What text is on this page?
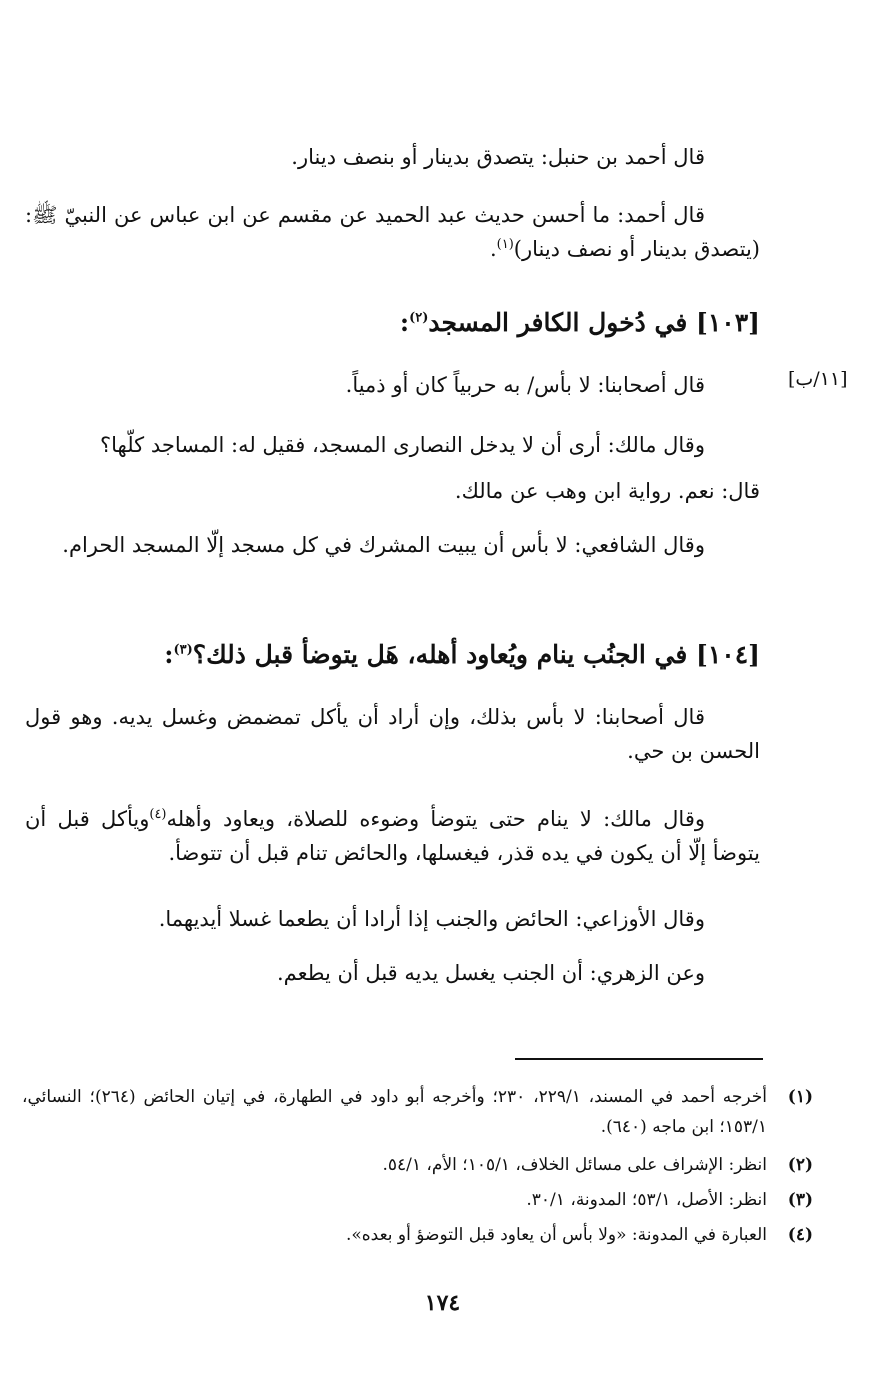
قال أحمد بن حنبل: يتصدق بدينار أو بنصف دينار.
قال أحمد: ما أحسن حديث عبد الحميد عن مقسم عن ابن عباس عن النبيّ ﷺ: (يتصدق بدينار أو نصف دينار)$^{(١)}$.
[١٠٣] في دُخول الكافر المسجد$^{(٢)}$:
[١١/ب]
قال أصحابنا: لا بأس/ به حربياً كان أو ذمياً.
وقال مالك: أرى أن لا يدخل النصارى المسجد، فقيل له: المساجد كلّها؟
قال: نعم. رواية ابن وهب عن مالك.
وقال الشافعي: لا بأس أن يبيت المشرك في كل مسجد إلّا المسجد الحرام.
[١٠٤] في الجنُب ينام ويُعاود أهله، هَل يتوضأ قبل ذلك؟$^{(٣)}$:
قال أصحابنا: لا بأس بذلك، وإن أراد أن يأكل تمضمض وغسل يديه. وهو قول الحسن بن حي.
وقال مالك: لا ينام حتى يتوضأ وضوءه للصلاة، ويعاود وأهله$^{(٤)}$ويأكل قبل أن يتوضأ إلّا أن يكون في يده قذر، فيغسلها، والحائض تنام قبل أن تتوضأ.
وقال الأوزاعي: الحائض والجنب إذا أرادا أن يطعما غسلا أيديهما.
وعن الزهري: أن الجنب يغسل يديه قبل أن يطعم.
(١)
أخرجه أحمد في المسند، ٢٢٩/١، ٢٣٠؛ وأخرجه أبو داود في الطهارة، في إتيان الحائض (٢٦٤)؛ النسائي، ١٥٣/١؛ ابن ماجه (٦٤٠).
(٢)
انظر: الإشراف على مسائل الخلاف، ١٠٥/١؛ الأم، ٥٤/١.
(٣)
انظر: الأصل، ٥٣/١؛ المدونة، ٣٠/١.
(٤)
العبارة في المدونة: «ولا بأس أن يعاود قبل التوضؤ أو بعده».
١٧٤
